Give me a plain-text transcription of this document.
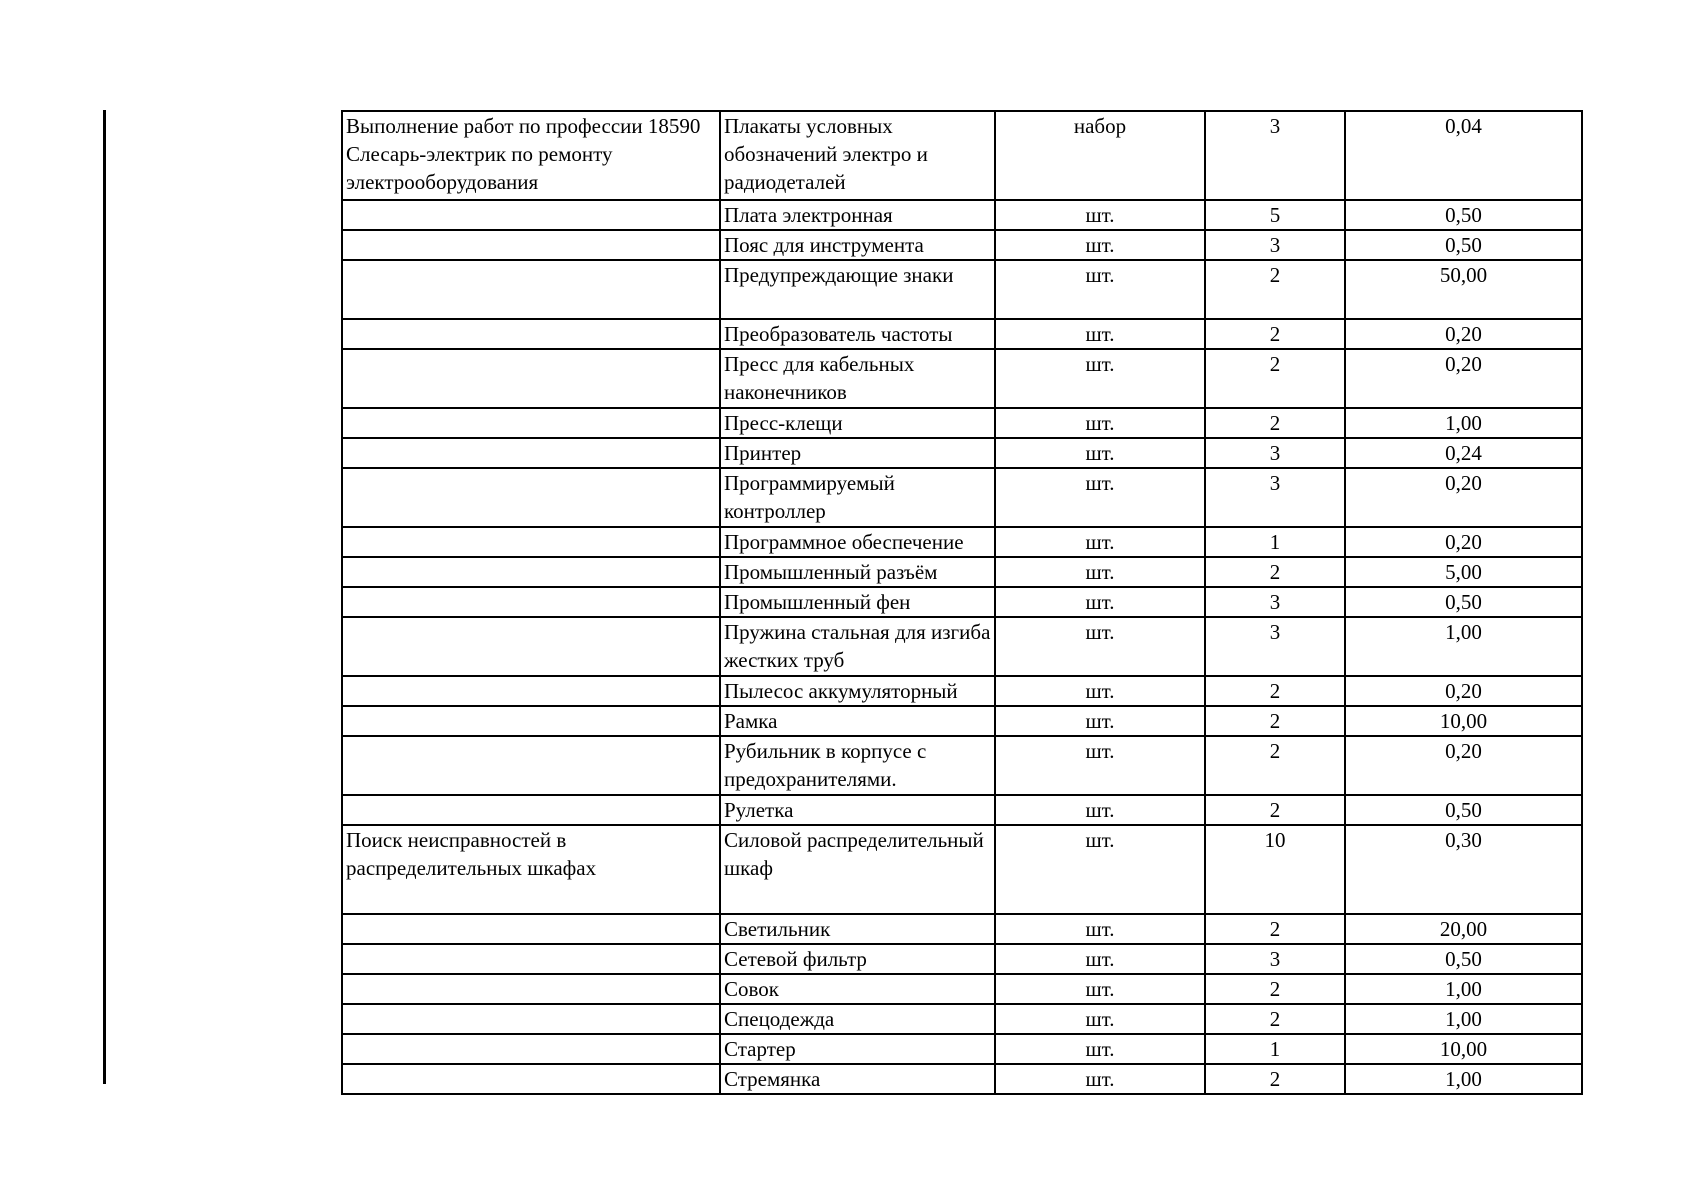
Выполнение работ по профессии 18590 Слесарь-электрик по ремонту электрооборудования	Плакаты условных обозначений электро и радиодеталей	набор	3	0,04
	Плата электронная	шт.	5	0,50
	Пояс для инструмента	шт.	3	0,50
	Предупреждающие знаки	шт.	2	50,00
	Преобразователь частоты	шт.	2	0,20
	Пресс для кабельных наконечников	шт.	2	0,20
	Пресс-клещи	шт.	2	1,00
	Принтер	шт.	3	0,24
	Программируемый контроллер	шт.	3	0,20
	Программное обеспечение	шт.	1	0,20
	Промышленный разъём	шт.	2	5,00
	Промышленный фен	шт.	3	0,50
	Пружина стальная для изгиба жестких труб	шт.	3	1,00
	Пылесос аккумуляторный	шт.	2	0,20
	Рамка	шт.	2	10,00
	Рубильник в корпусе с предохранителями.	шт.	2	0,20
	Рулетка	шт.	2	0,50
Поиск неисправностей в распределительных шкафах	Силовой распределительный шкаф	шт.	10	0,30
	Светильник	шт.	2	20,00
	Сетевой фильтр	шт.	3	0,50
	Совок	шт.	2	1,00
	Спецодежда	шт.	2	1,00
	Стартер	шт.	1	10,00
	Стремянка	шт.	2	1,00
